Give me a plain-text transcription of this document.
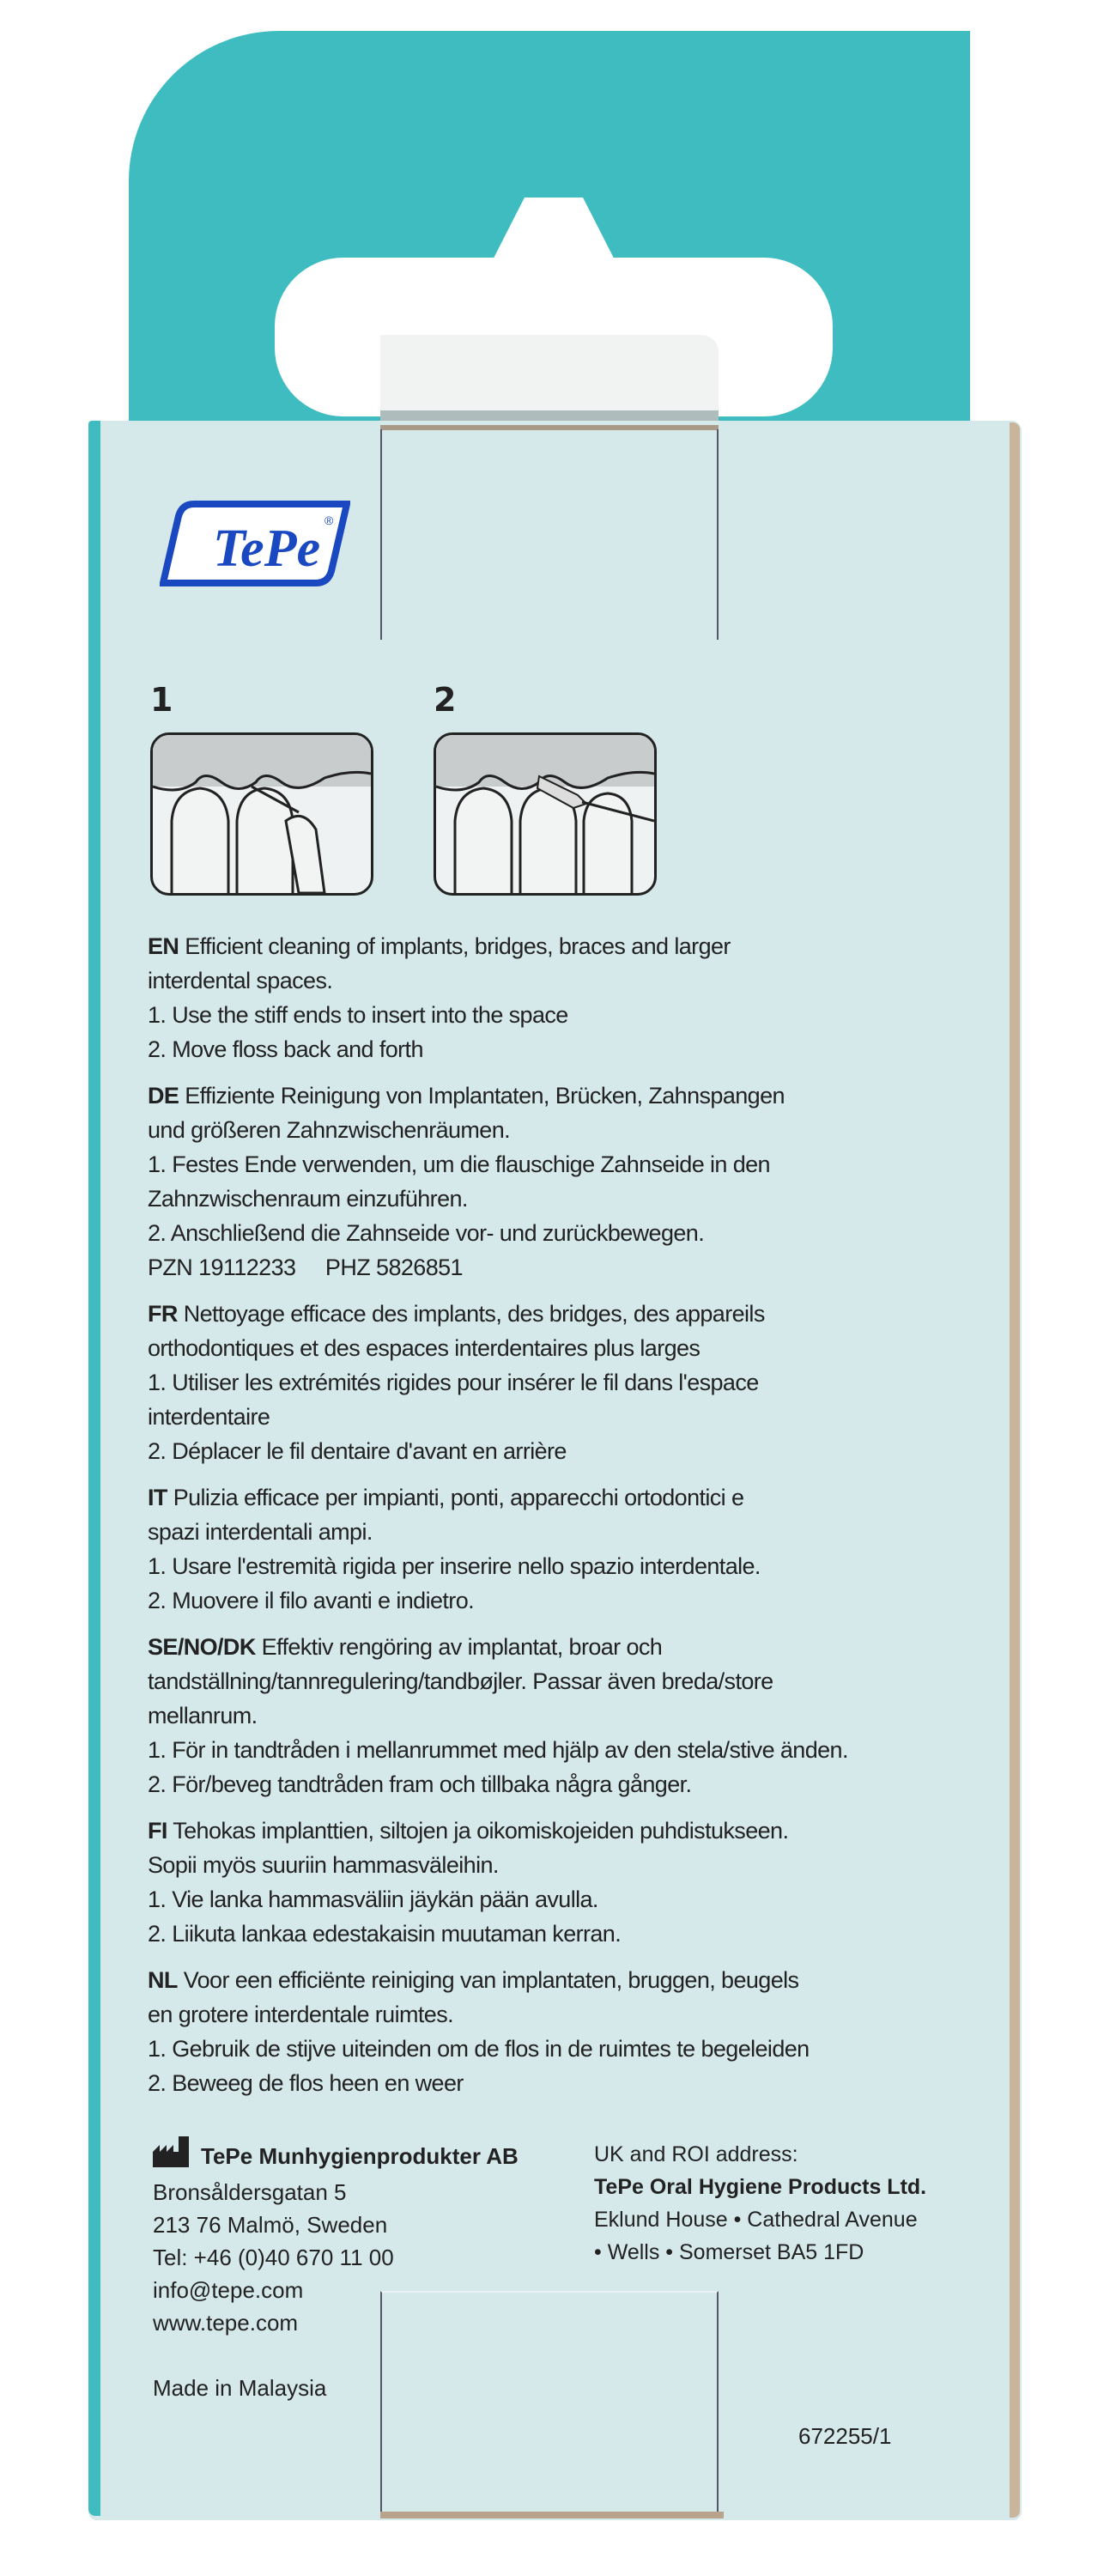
TePe ®
1	2
EN Efficient cleaning of implants, bridges, braces and larger
interdental spaces.
1. Use the stiff ends to insert into the space
2. Move floss back and forth
DE Effiziente Reinigung von Implantaten, Brücken, Zahnspangen
und größeren Zahnzwischenräumen.
1. Festes Ende verwenden, um die flauschige Zahnseide in den
Zahnzwischenraum einzuführen.
2. Anschließend die Zahnseide vor- und zurückbewegen.
PZN 19112233     PHZ 5826851
FR Nettoyage efficace des implants, des bridges, des appareils
orthodontiques et des espaces interdentaires plus larges
1. Utiliser les extrémités rigides pour insérer le fil dans l'espace
interdentaire
2. Déplacer le fil dentaire d'avant en arrière
IT Pulizia efficace per impianti, ponti, apparecchi ortodontici e
spazi interdentali ampi.
1. Usare l'estremità rigida per inserire nello spazio interdentale.
2. Muovere il filo avanti e indietro.
SE/NO/DK Effektiv rengöring av implantat, broar och
tandställning/tannregulering/tandbøjler. Passar även breda/store
mellanrum.
1. För in tandtråden i mellanrummet med hjälp av den stela/stive änden.
2. För/beveg tandtråden fram och tillbaka några gånger.
FI Tehokas implanttien, siltojen ja oikomiskojeiden puhdistukseen.
Sopii myös suuriin hammasväleihin.
1. Vie lanka hammasväliin jäykän pään avulla.
2. Liikuta lankaa edestakaisin muutaman kerran.
NL Voor een efficiënte reiniging van implantaten, bruggen, beugels
en grotere interdentale ruimtes.
1. Gebruik de stijve uiteinden om de flos in de ruimtes te begeleiden
2. Beweeg de flos heen en weer
TePe Munhygienprodukter AB
Bronsåldersgatan 5
213 76 Malmö, Sweden
Tel: +46 (0)40 670 11 00
info@tepe.com
www.tepe.com
Made in Malaysia
UK and ROI address:
TePe Oral Hygiene Products Ltd.
Eklund House • Cathedral Avenue
• Wells • Somerset BA5 1FD
672255/1
